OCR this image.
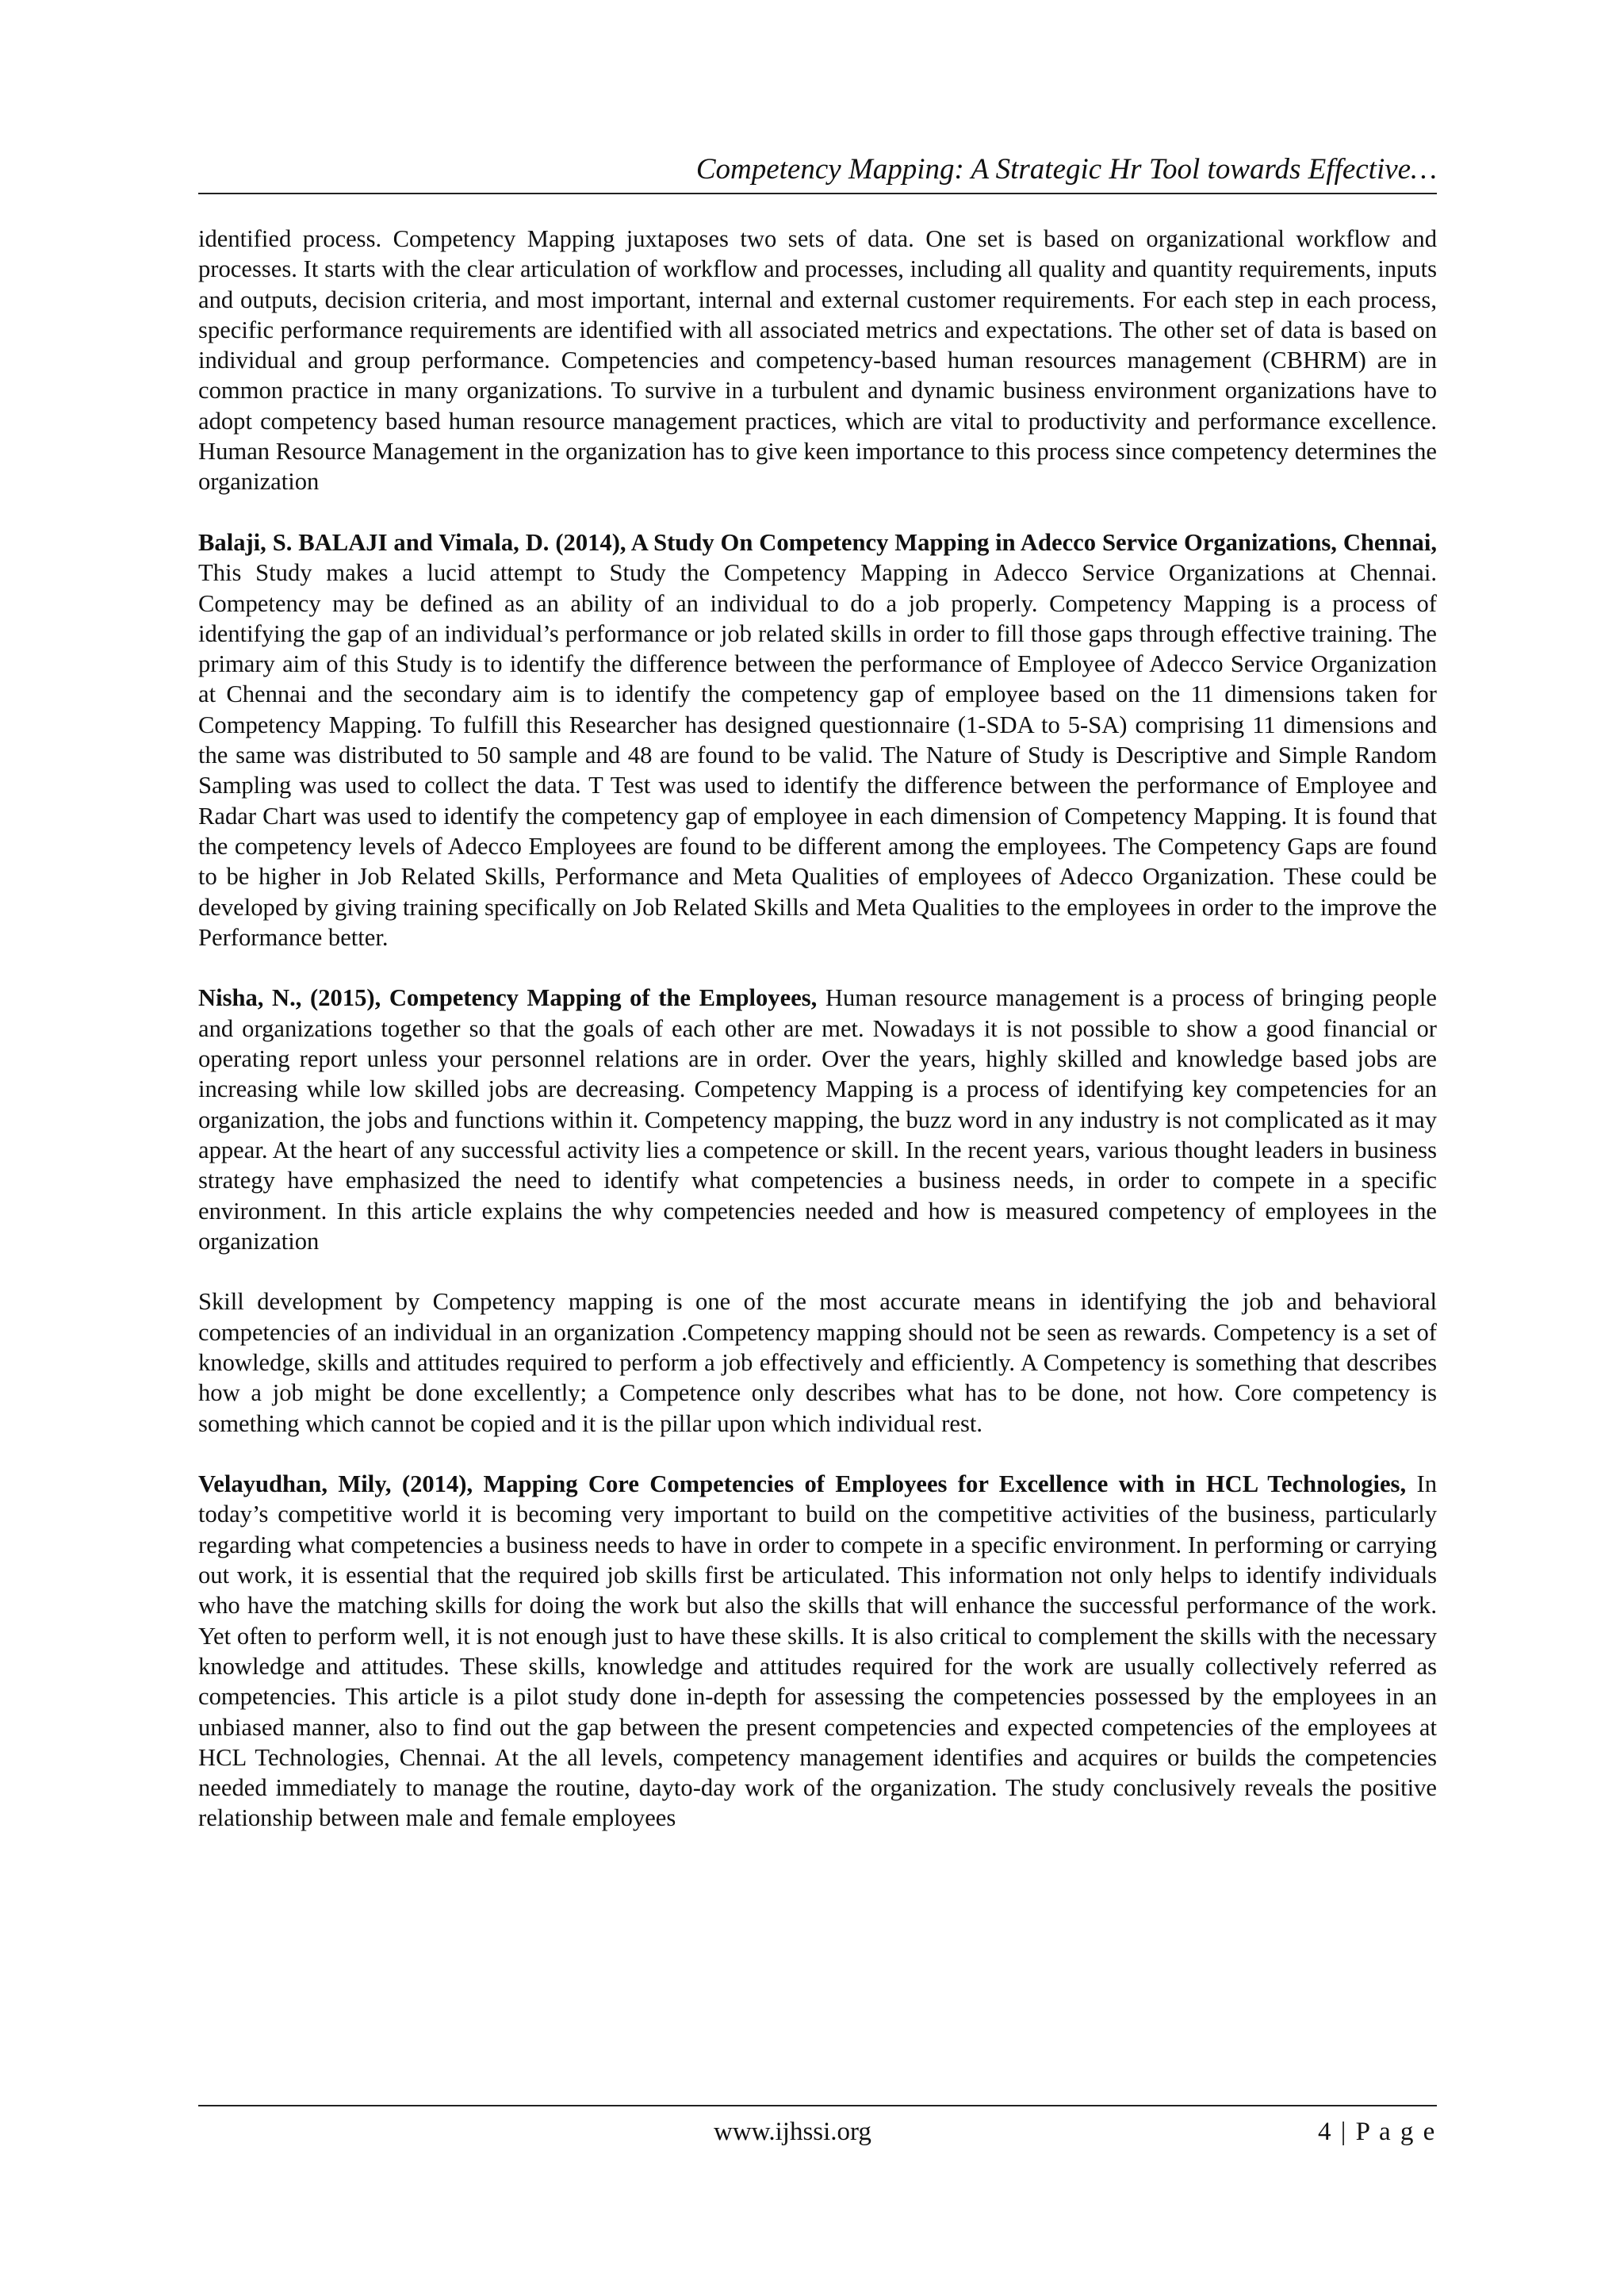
Competency Mapping: A Strategic Hr Tool towards Effective…

identified process. Competency Mapping juxtaposes two sets of data. One set is based on organizational workflow and processes. It starts with the clear articulation of workflow and processes, including all quality and quantity requirements, inputs and outputs, decision criteria, and most important, internal and external customer requirements. For each step in each process, specific performance requirements are identified with all associated metrics and expectations. The other set of data is based on individual and group performance. Competencies and competency-based human resources management (CBHRM) are in common practice in many organizations. To survive in a turbulent and dynamic business environment organizations have to adopt competency based human resource management practices, which are vital to productivity and performance excellence. Human Resource Management in the organization has to give keen importance to this process since competency determines the organization

Balaji, S. BALAJI and Vimala, D. (2014), A Study On Competency Mapping in Adecco Service Organizations, Chennai, This Study makes a lucid attempt to Study the Competency Mapping in Adecco Service Organizations at Chennai. Competency may be defined as an ability of an individual to do a job properly. Competency Mapping is a process of identifying the gap of an individual’s performance or job related skills in order to fill those gaps through effective training. The primary aim of this Study is to identify the difference between the performance of Employee of Adecco Service Organization at Chennai and the secondary aim is to identify the competency gap of employee based on the 11 dimensions taken for Competency Mapping. To fulfill this Researcher has designed questionnaire (1-SDA to 5-SA) comprising 11 dimensions and the same was distributed to 50 sample and 48 are found to be valid. The Nature of Study is Descriptive and Simple Random Sampling was used to collect the data. T Test was used to identify the difference between the performance of Employee and Radar Chart was used to identify the competency gap of employee in each dimension of Competency Mapping. It is found that the competency levels of Adecco Employees are found to be different among the employees. The Competency Gaps are found to be higher in Job Related Skills, Performance and Meta Qualities of employees of Adecco Organization. These could be developed by giving training specifically on Job Related Skills and Meta Qualities to the employees in order to the improve the Performance better.

Nisha, N., (2015), Competency Mapping of the Employees, Human resource management is a process of bringing people and organizations together so that the goals of each other are met. Nowadays it is not possible to show a good financial or operating report unless your personnel relations are in order. Over the years, highly skilled and knowledge based jobs are increasing while low skilled jobs are decreasing. Competency Mapping is a process of identifying key competencies for an organization, the jobs and functions within it. Competency mapping, the buzz word in any industry is not complicated as it may appear. At the heart of any successful activity lies a competence or skill. In the recent years, various thought leaders in business strategy have emphasized the need to identify what competencies a business needs, in order to compete in a specific environment. In this article explains the why competencies needed and how is measured competency of employees in the organization

Skill development by Competency mapping is one of the most accurate means in identifying the job and behavioral competencies of an individual in an organization .Competency mapping should not be seen as rewards. Competency is a set of knowledge, skills and attitudes required to perform a job effectively and efficiently. A Competency is something that describes how a job might be done excellently; a Competence only describes what has to be done, not how. Core competency is something which cannot be copied and it is the pillar upon which individual rest.

Velayudhan, Mily, (2014), Mapping Core Competencies of Employees for Excellence with in HCL Technologies, In today’s competitive world it is becoming very important to build on the competitive activities of the business, particularly regarding what competencies a business needs to have in order to compete in a specific environment. In performing or carrying out work, it is essential that the required job skills first be articulated. This information not only helps to identify individuals who have the matching skills for doing the work but also the skills that will enhance the successful performance of the work. Yet often to perform well, it is not enough just to have these skills. It is also critical to complement the skills with the necessary knowledge and attitudes. These skills, knowledge and attitudes required for the work are usually collectively referred as competencies. This article is a pilot study done in-depth for assessing the competencies possessed by the employees in an unbiased manner, also to find out the gap between the present competencies and expected competencies of the employees at HCL Technologies, Chennai. At the all levels, competency management identifies and acquires or builds the competencies needed immediately to manage the routine, dayto-day work of the organization. The study conclusively reveals the positive relationship between male and female employees

www.ijhssi.org	4 | P a g e
